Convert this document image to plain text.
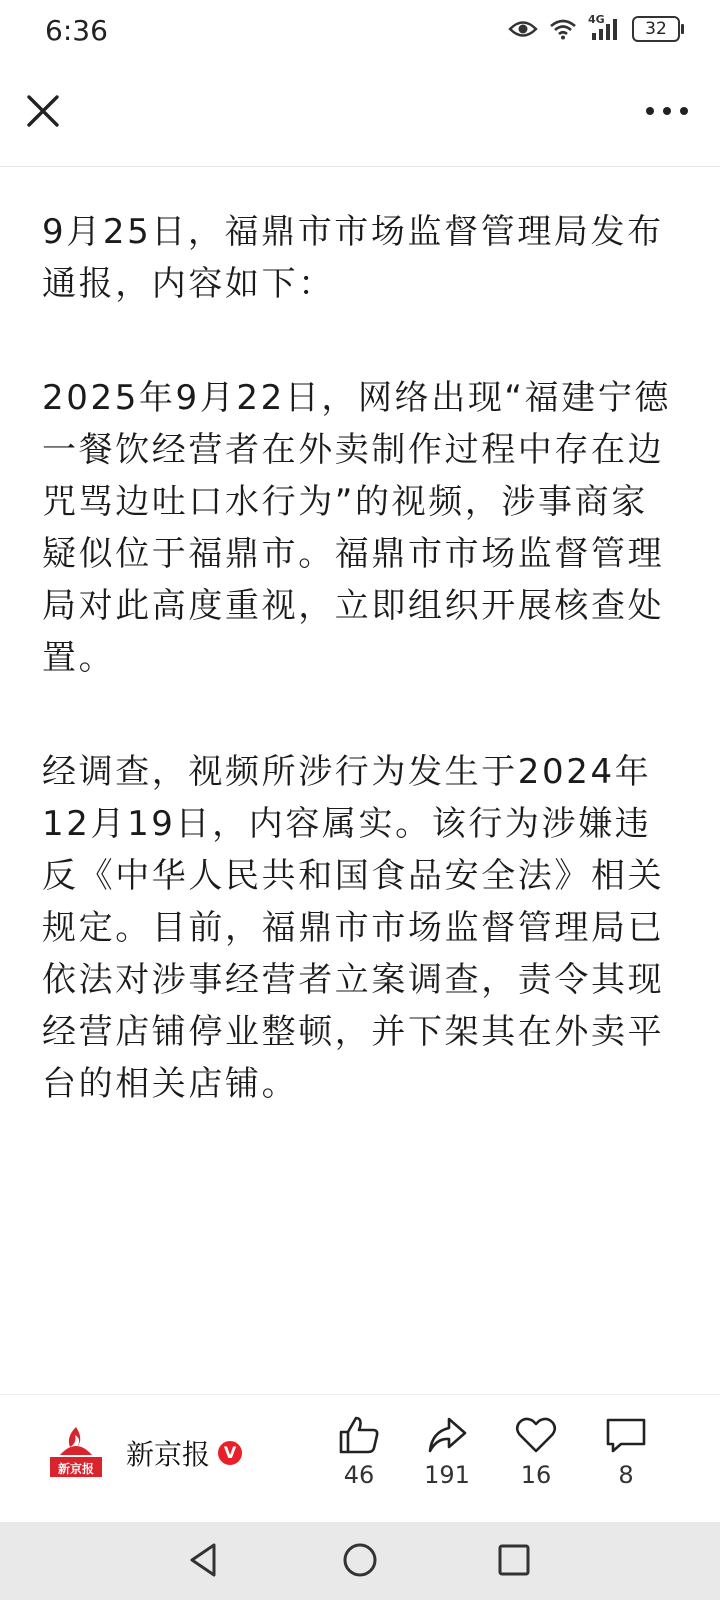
6:36	4G	32

9月25日，福鼎市市场监督管理局发布通报，内容如下：

2025年9月22日，网络出现“福建宁德一餐饮经营者在外卖制作过程中存在边咒骂边吐口水行为”的视频，涉事商家疑似位于福鼎市。福鼎市市场监督管理局对此高度重视，立即组织开展核查处置。

经调查，视频所涉行为发生于2024年12月19日，内容属实。该行为涉嫌违反《中华人民共和国食品安全法》相关规定。目前，福鼎市市场监督管理局已依法对涉事经营者立案调查，责令其现经营店铺停业整顿，并下架其在外卖平台的相关店铺。

新京报 新京报 V
46	191	16	8
